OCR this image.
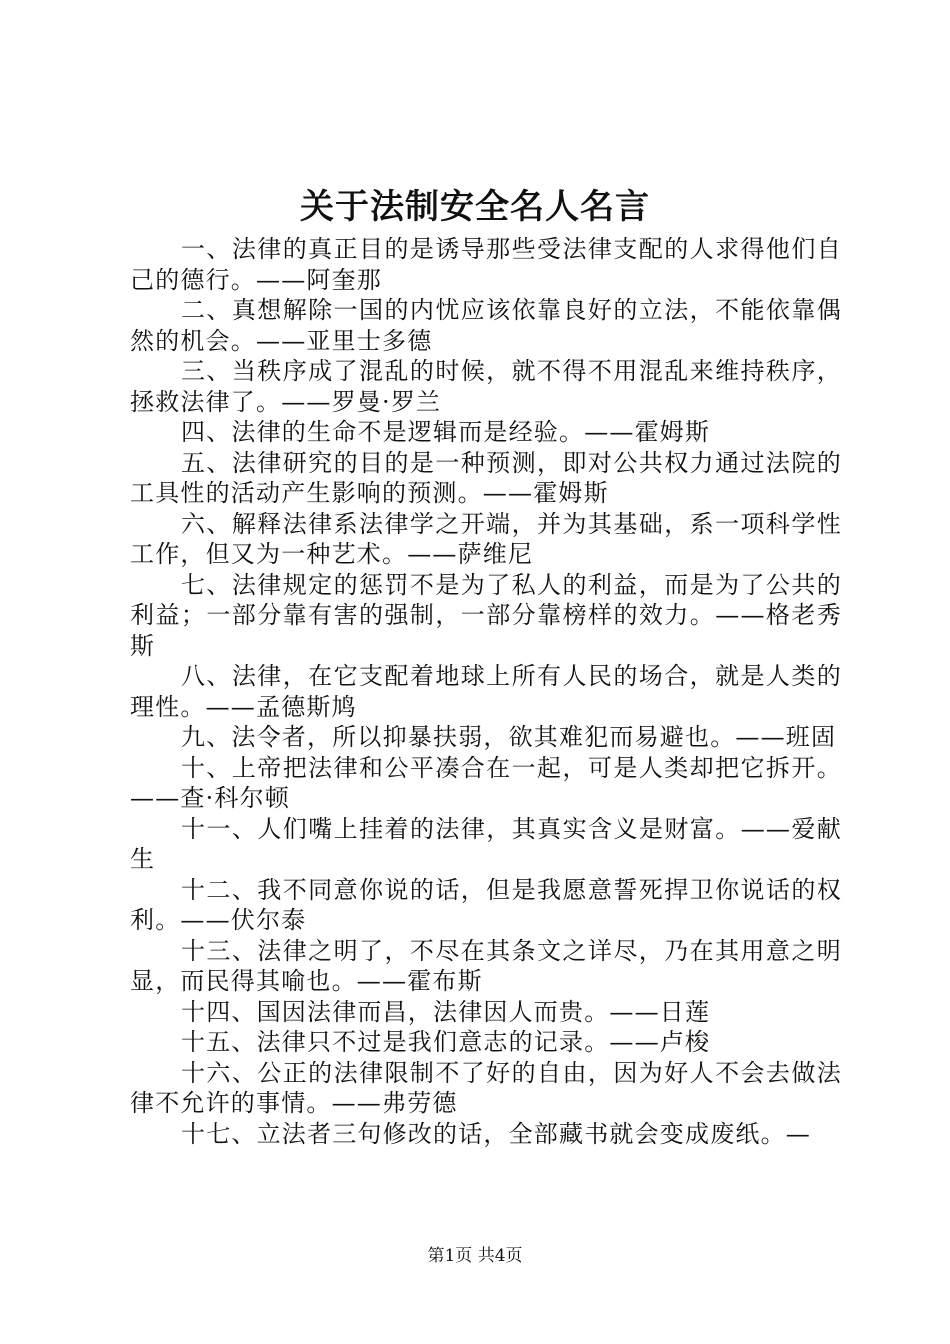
关于法制安全名人名言

一、法律的真正目的是诱导那些受法律支配的人求得他们自己的德行。——阿奎那

二、真想解除一国的内忧应该依靠良好的立法，不能依靠偶然的机会。——亚里士多德

三、当秩序成了混乱的时候，就不得不用混乱来维持秩序，拯救法律了。——罗曼·罗兰

四、法律的生命不是逻辑而是经验。——霍姆斯

五、法律研究的目的是一种预测，即对公共权力通过法院的工具性的活动产生影响的预测。——霍姆斯

六、解释法律系法律学之开端，并为其基础，系一项科学性工作，但又为一种艺术。——萨维尼

七、法律规定的惩罚不是为了私人的利益，而是为了公共的利益；一部分靠有害的强制，一部分靠榜样的效力。——格老秀斯

八、法律，在它支配着地球上所有人民的场合，就是人类的理性。——孟德斯鸠

九、法令者，所以抑暴扶弱，欲其难犯而易避也。——班固

十、上帝把法律和公平凑合在一起，可是人类却把它拆开。——查·科尔顿

十一、人们嘴上挂着的法律，其真实含义是财富。——爱献生

十二、我不同意你说的话，但是我愿意誓死捍卫你说话的权利。——伏尔泰

十三、法律之明了，不尽在其条文之详尽，乃在其用意之明显，而民得其喻也。——霍布斯

十四、国因法律而昌，法律因人而贵。——日莲

十五、法律只不过是我们意志的记录。——卢梭

十六、公正的法律限制不了好的自由，因为好人不会去做法律不允许的事情。——弗劳德

十七、立法者三句修改的话，全部藏书就会变成废纸。—

第1页 共4页
